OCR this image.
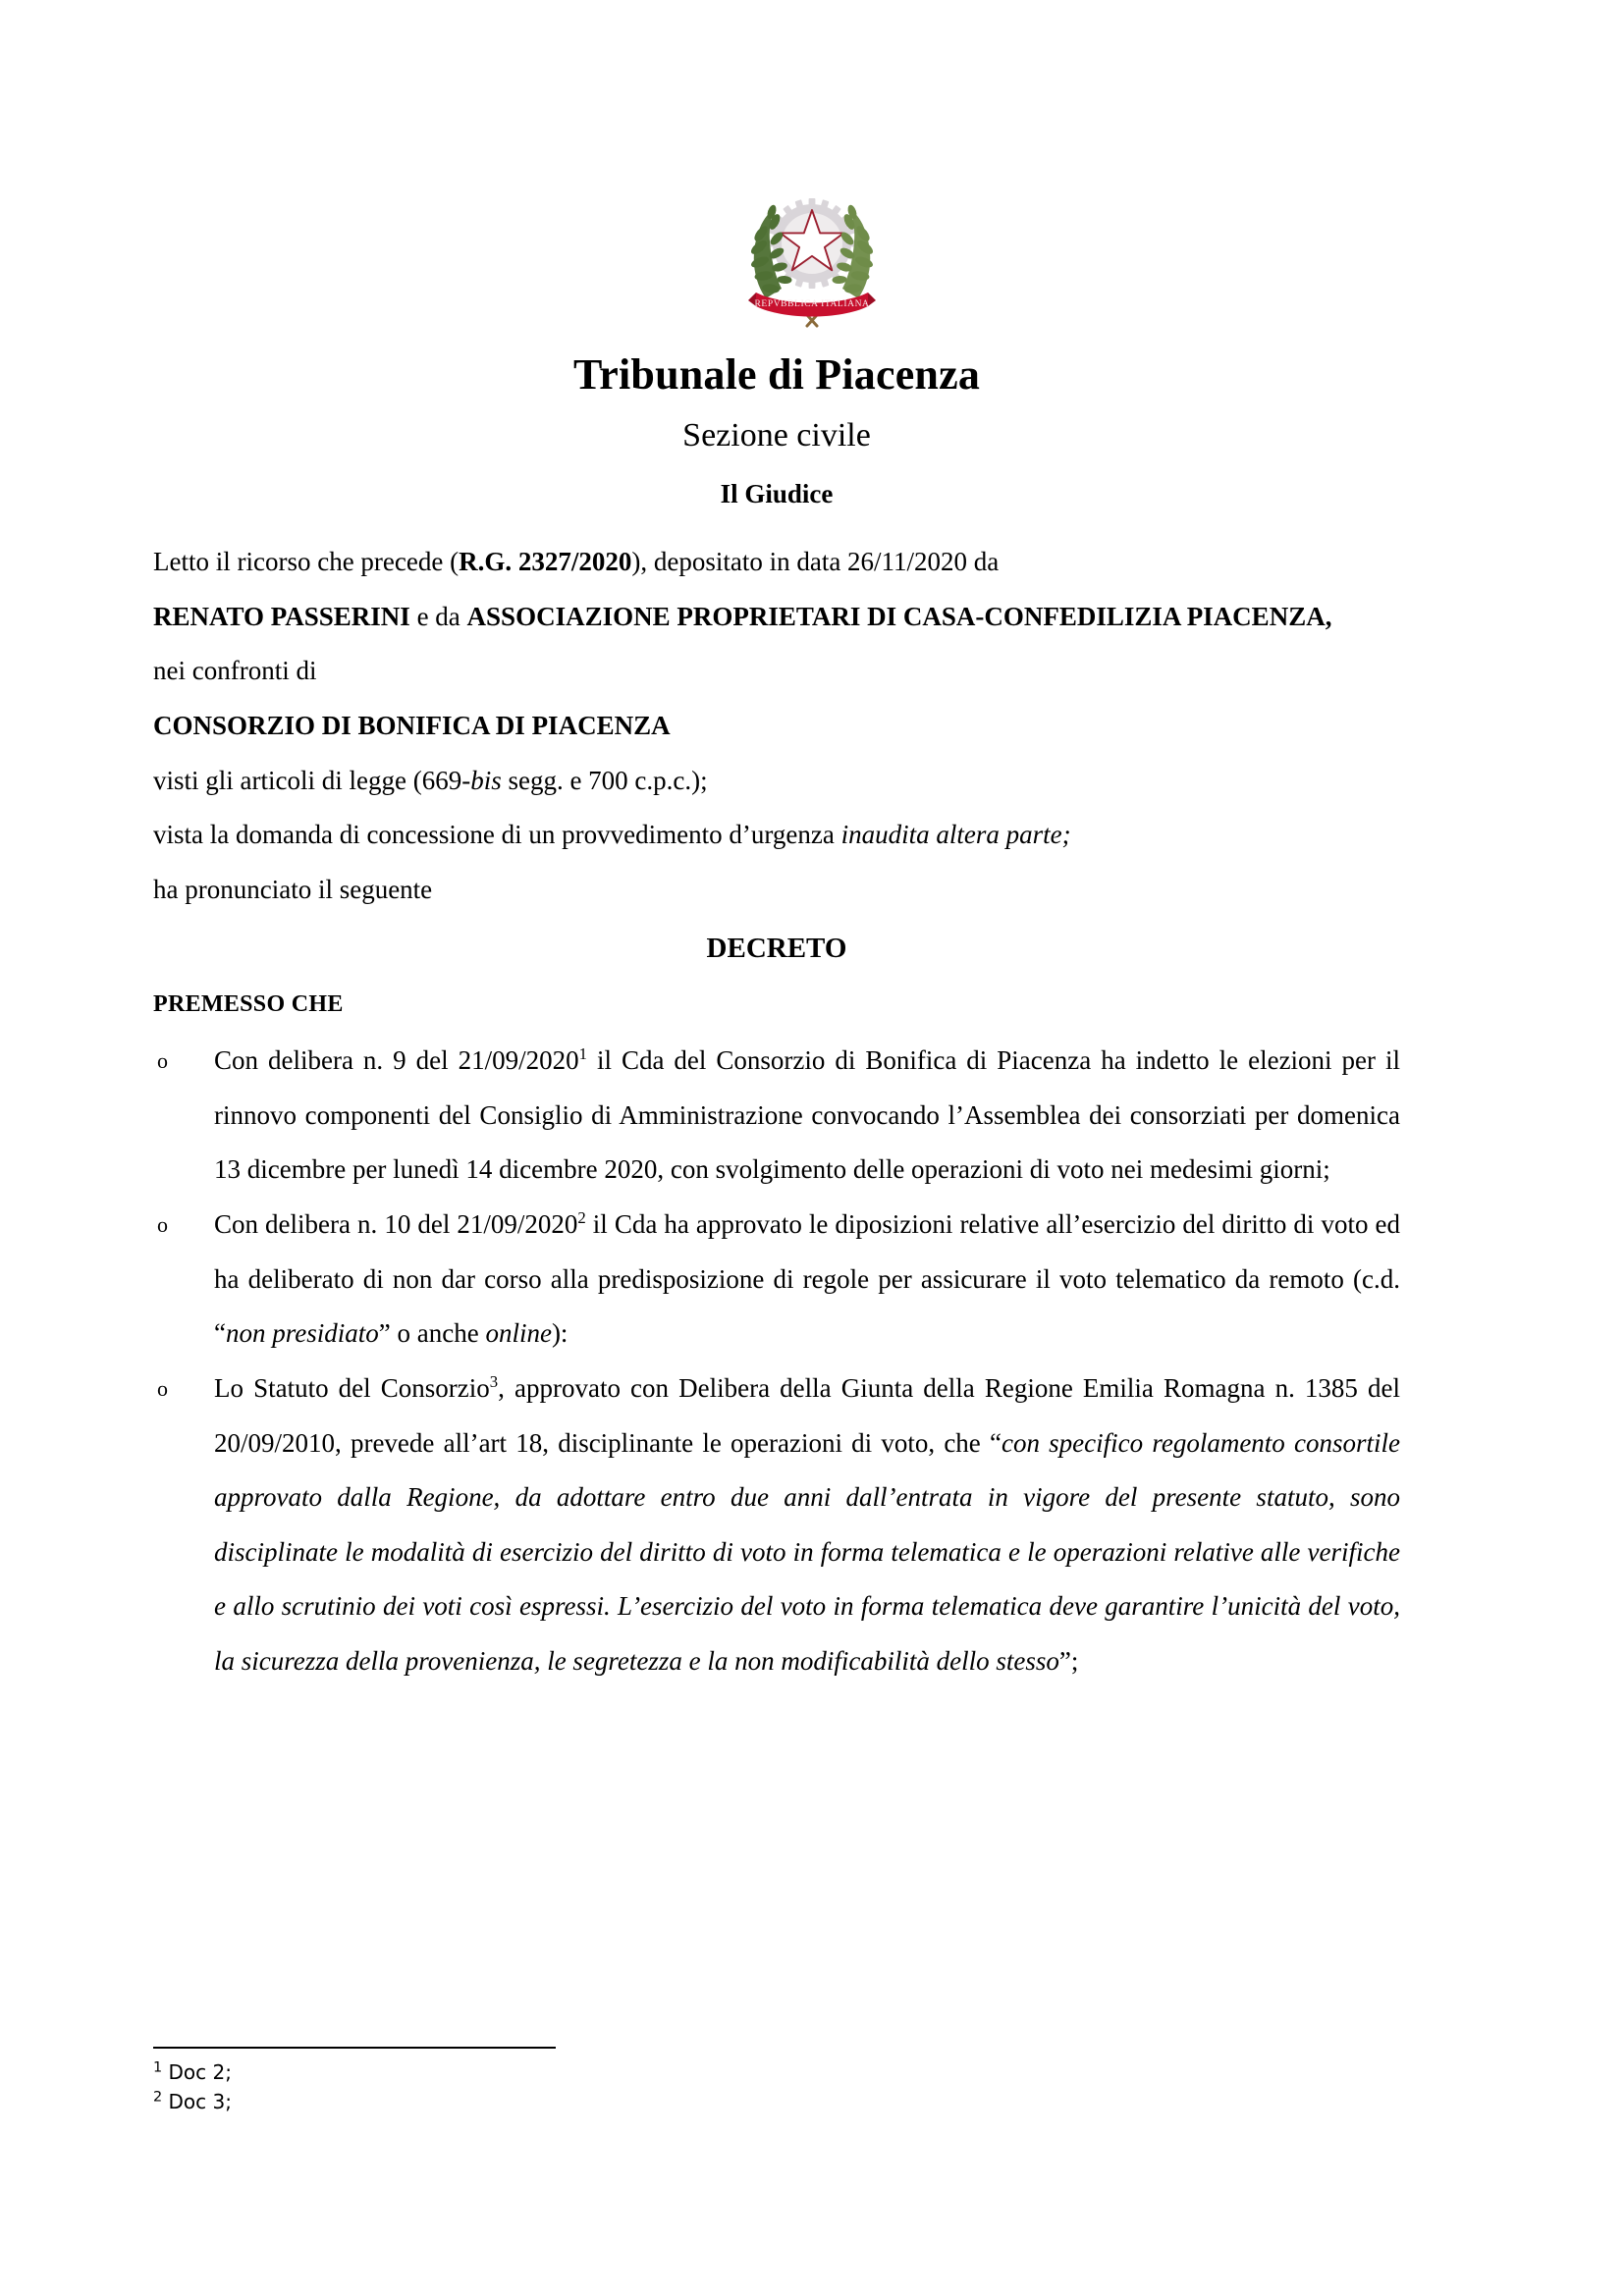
REPVBBLICA ITALIANA
Tribunale di Piacenza
Sezione civile
Il Giudice

Letto il ricorso che precede (R.G. 2327/2020), depositato in data 26/11/2020 da

RENATO PASSERINI e da ASSOCIAZIONE PROPRIETARI DI CASA-CONFEDILIZIA PIACENZA,

nei confronti di

CONSORZIO DI BONIFICA DI PIACENZA

visti gli articoli di legge (669-bis segg. e 700 c.p.c.);

vista la domanda di concessione di un provvedimento d’urgenza inaudita altera parte;

ha pronunciato il seguente

DECRETO
PREMESSO CHE
o	Con delibera n. 9 del 21/09/2020$^1$ il Cda del Consorzio di Bonifica di Piacenza ha indetto le elezioni per il rinnovo componenti del Consiglio di Amministrazione convocando l’Assemblea dei consorziati per domenica 13 dicembre per lunedì 14 dicembre 2020, con svolgimento delle operazioni di voto nei medesimi giorni;
o	Con delibera n. 10 del 21/09/2020$^2$ il Cda ha approvato le diposizioni relative all’esercizio del diritto di voto ed ha deliberato di non dar corso alla predisposizione di regole per assicurare il voto telematico da remoto (c.d. “non presidiato” o anche online):
o	Lo Statuto del Consorzio$^3$, approvato con Delibera della Giunta della Regione Emilia Romagna n. 1385 del 20/09/2010, prevede all’art 18, disciplinante le operazioni di voto, che “con specifico regolamento consortile approvato dalla Regione, da adottare entro due anni dall’entrata in vigore del presente statuto, sono disciplinate le modalità di esercizio del diritto di voto in forma telematica e le operazioni relative alle verifiche e allo scrutinio dei voti così espressi. L’esercizio del voto in forma telematica deve garantire l’unicità del voto, la sicurezza della provenienza, le segretezza e la non modificabilità dello stesso”;

$^1$ Doc 2;

$^2$ Doc 3;
